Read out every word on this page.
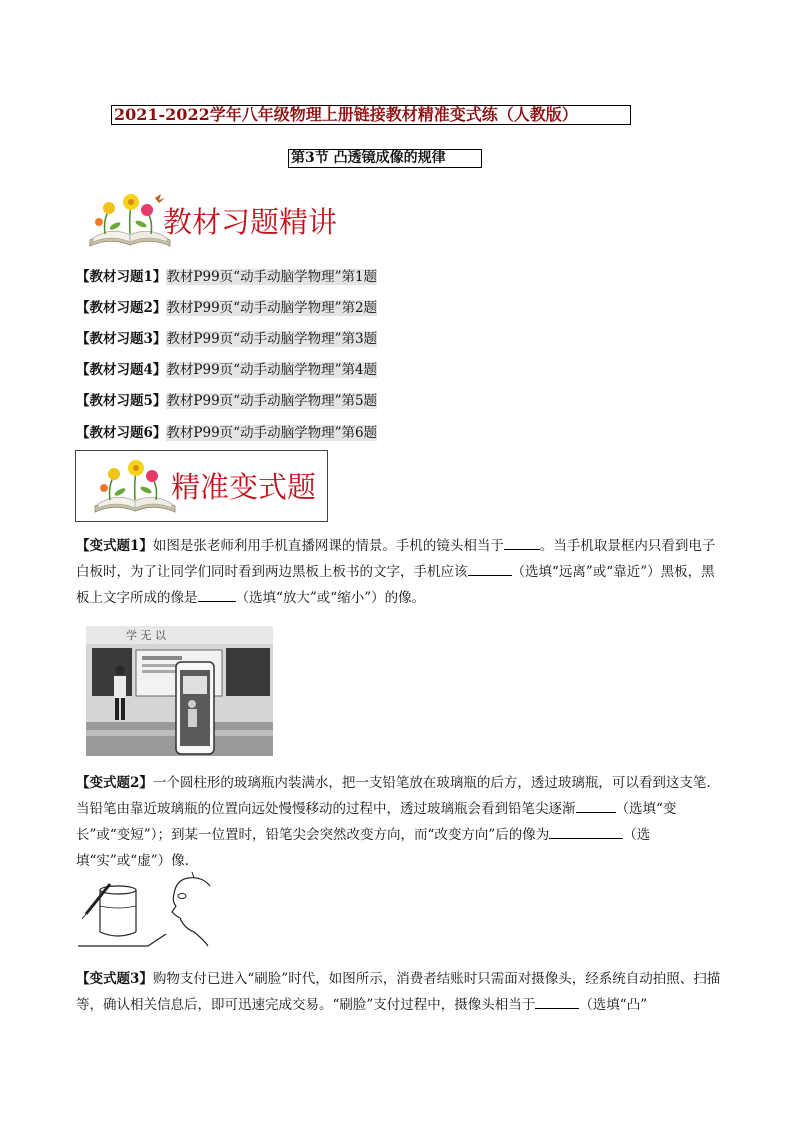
2021-2022学年八年级物理上册链接教材精准变式练（人教版）
第3节 凸透镜成像的规律
教材习题精讲
【教材习题1】教材P99页“动手动脑学物理”第1题
【教材习题2】教材P99页“动手动脑学物理”第2题
【教材习题3】教材P99页“动手动脑学物理”第3题
【教材习题4】教材P99页“动手动脑学物理”第4题
【教材习题5】教材P99页“动手动脑学物理”第5题
【教材习题6】教材P99页“动手动脑学物理”第6题
精准变式题
【变式题1】如图是张老师利用手机直播网课的情景。手机的镜头相当于	。当手机取景框内只看到电子白板时，为了让同学们同时看到两边黑板上板书的文字，手机应该	（选填“远离”或“靠近”）黑板，黑板上文字所成的像是	（选填“放大”或“缩小”）的像。
学 无 以
【变式题2】一个圆柱形的玻璃瓶内装满水，把一支铅笔放在玻璃瓶的后方，透过玻璃瓶，可以看到这支笔. 当铅笔由靠近玻璃瓶的位置向远处慢慢移动的过程中，透过玻璃瓶会看到铅笔尖逐渐	（选填“变长”或“变短”）；到某一位置时，铅笔尖会突然改变方向，而“改变方向”后的像为	（选填“实”或“虚”）像.
【变式题3】购物支付已进入“刷脸”时代，如图所示，消费者结账时只需面对摄像头，经系统自动拍照、扫描等，确认相关信息后，即可迅速完成交易。“刷脸”支付过程中，摄像头相当于	（选填“凸”
